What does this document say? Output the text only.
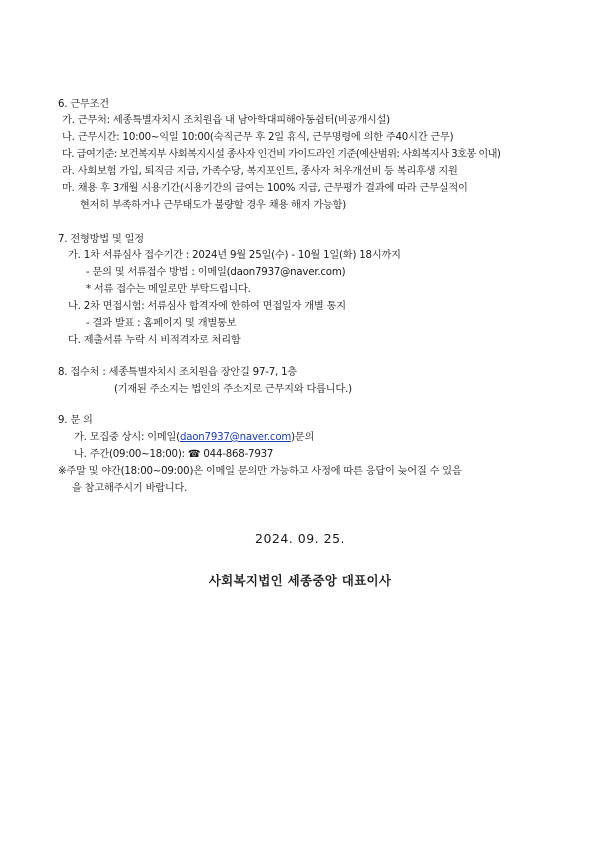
6. 근무조건
가. 근무처: 세종특별자치시 조치원읍 내 남아학대피해아동쉼터(비공개시설)
나. 근무시간: 10:00~익일 10:00(숙직근무 후 2일 휴식, 근무명령에 의한 주40시간 근무)
다. 급여기준: 보건복지부 사회복지시설 종사자 인건비 가이드라인 기준(예산범위: 사회복지사 3호봉 이내)
라. 사회보험 가입, 퇴직금 지급, 가족수당, 복지포인트, 종사자 처우개선비 등 복리후생 지원
마. 채용 후 3개월 시용기간(시용기간의 급여는 100% 지급, 근무평가 결과에 따라 근무실적이
현저히 부족하거나 근무태도가 불량할 경우 채용 해지 가능함)
7. 전형방법 및 일정
가. 1차 서류심사 접수기간 : 2024년 9월 25일(수) - 10월 1일(화) 18시까지
- 문의 및 서류접수 방법 : 이메일(daon7937@naver.com)
* 서류 접수는 메일로만 부탁드립니다.
나. 2차 면접시험: 서류심사 합격자에 한하여 면접일자 개별 통지
- 결과 발표 : 홈페이지 및 개별통보
다. 제출서류 누락 시 비적격자로 처리함
8. 접수처 : 세종특별자치시 조치원읍 장안길 97-7, 1층
(기재된 주소지는 법인의 주소지로 근무지와 다릅니다.)
9. 문 의
가. 모집중 상시: 이메일(daon7937@naver.com)문의
나. 주간(09:00~18:00): ☎ 044-868-7937
※주말 및 야간(18:00~09:00)은 이메일 문의만 가능하고 사정에 따른 응답이 늦어질 수 있음
을 참고해주시기 바랍니다.
2024. 09. 25.
사회복지법인 세종중앙 대표이사
